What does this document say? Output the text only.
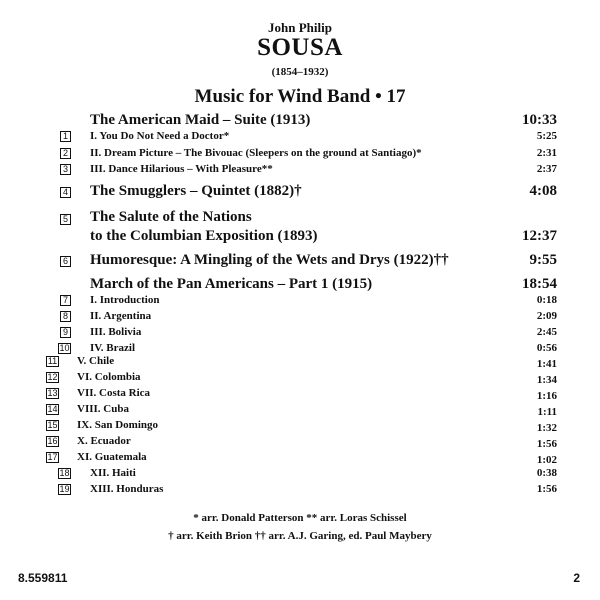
John Philip
SOUSA
(1854–1932)
Music for Wind Band • 17
The American Maid – Suite (1913)	10:33
1 I. You Do Not Need a Doctor*	5:25
2 II. Dream Picture – The Bivouac (Sleepers on the ground at Santiago)*	2:31
3 III. Dance Hilarious – With Pleasure**	2:37
4 The Smugglers – Quintet (1882)†	4:08
5 The Salute of the Nations
to the Columbian Exposition (1893)	12:37
6 Humoresque: A Mingling of the Wets and Drys (1922)††	9:55
March of the Pan Americans – Part 1 (1915)	18:54
7 I. Introduction	0:18
8 II. Argentina	2:09
9 III. Bolivia	2:45
10 IV. Brazil	0:56
11 V. Chile	1:41
12 VI. Colombia	1:34
13 VII. Costa Rica	1:16
14 VIII. Cuba	1:11
15 IX. San Domingo	1:32
16 X. Ecuador	1:56
17 XI. Guatemala	1:02
18 XII. Haiti	0:38
19 XIII. Honduras	1:56
* arr. Donald Patterson ** arr. Loras Schissel
† arr. Keith Brion †† arr. A.J. Garing, ed. Paul Maybery
8.559811	2
